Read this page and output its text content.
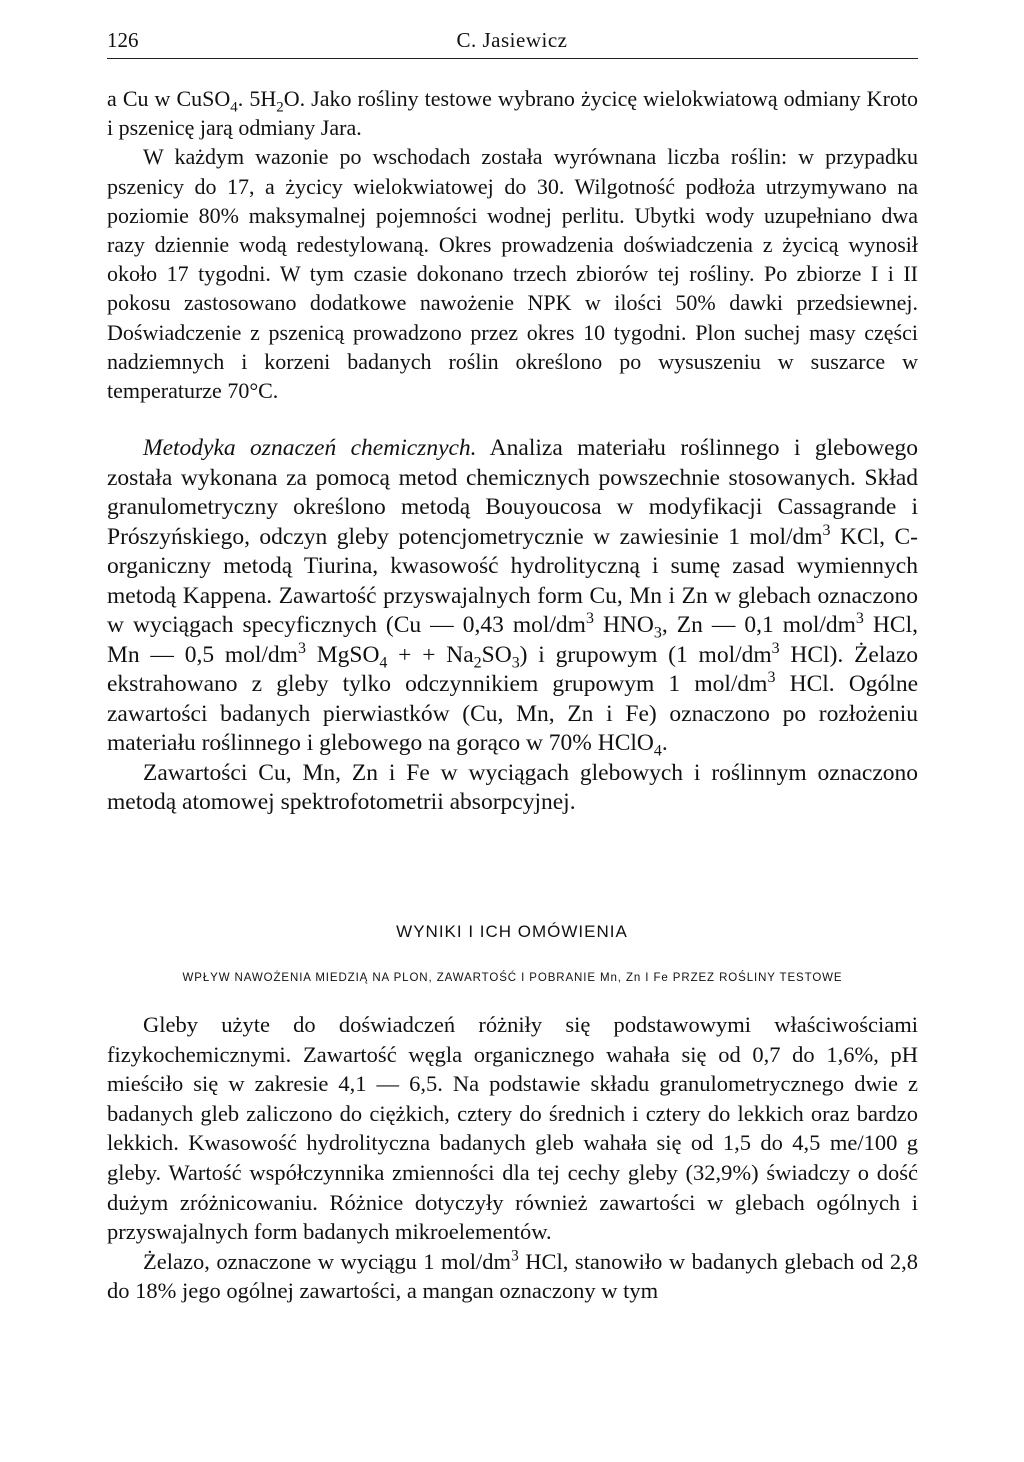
126	C. Jasiewicz

a Cu w CuSO$_4$. $5H_2O$. Jako rośliny testowe wybrano życicę wielokwiatową odmiany Kroto i pszenicę jarą odmiany Jara.

W każdym wazonie po wschodach została wyrównana liczba roślin: w przypadku pszenicy do 17, a życicy wielokwiatowej do 30. Wilgotność podłoża utrzymywano na poziomie 80% maksymalnej pojemności wodnej perlitu. Ubytki wody uzupełniano dwa razy dziennie wodą redestylowaną. Okres prowadzenia doświadczenia z życicą wynosił około 17 tygodni. W tym czasie dokonano trzech zbiorów tej rośliny. Po zbiorze I i II pokosu zastosowano dodatkowe nawożenie NPK w ilości 50% dawki przedsiewnej. Doświadczenie z pszenicą prowadzono przez okres 10 tygodni. Plon suchej masy części nadziemnych i korzeni badanych roślin określono po wysuszeniu w suszarce w temperaturze 70°C.

Metodyka oznaczeń chemicznych. Analiza materiału roślinnego i glebowego została wykonana za pomocą metod chemicznych powszechnie stosowanych. Skład granulometryczny określono metodą Bouyoucosa w modyfikacji Cassagrande i Prószyńskiego, odczyn gleby potencjometrycznie w zawiesinie 1 mol/$dm^3$ KCl, C-organiczny metodą Tiurina, kwasowość hydrolityczną i sumę zasad wymiennych metodą Kappena. Zawartość przyswajalnych form Cu, Mn i Zn w glebach oznaczono w wyciągach specyficznych (Cu — 0,43 mol/$dm^3$ $HNO_3$, Zn — 0,1 mol/$dm^3$ HCl, Mn — 0,5 mol/$dm^3$ MgSO$_4$ + + $Na_2SO_3$) i grupowym (1 mol/$dm^3$ HCl). Żelazo ekstrahowano z gleby tylko odczynnikiem grupowym 1 mol/$dm^3$ HCl. Ogólne zawartości badanych pierwiastków (Cu, Mn, Zn i Fe) oznaczono po rozłożeniu materiału roślinnego i glebowego na gorąco w 70% HClO$_4$.

Zawartości Cu, Mn, Zn i Fe w wyciągach glebowych i roślinnym oznaczono metodą atomowej spektrofotometrii absorpcyjnej.

WYNIKI I ICH OMÓWIENIA
WPŁYW NAWOŻENIA MIEDZIĄ NA PLON, ZAWARTOŚĆ I POBRANIE Mn, Zn I Fe PRZEZ ROŚLINY TESTOWE

Gleby użyte do doświadczeń różniły się podstawowymi właściwościami fizykochemicznymi. Zawartość węgla organicznego wahała się od 0,7 do 1,6%, pH mieściło się w zakresie 4,1 — 6,5. Na podstawie składu granulometrycznego dwie z badanych gleb zaliczono do ciężkich, cztery do średnich i cztery do lekkich oraz bardzo lekkich. Kwasowość hydrolityczna badanych gleb wahała się od 1,5 do 4,5 me/100 g gleby. Wartość współczynnika zmienności dla tej cechy gleby (32,9%) świadczy o dość dużym zróżnicowaniu. Różnice dotyczyły również zawartości w glebach ogólnych i przyswajalnych form badanych mikroelementów.

Żelazo, oznaczone w wyciągu 1 mol/$dm^3$ HCl, stanowiło w badanych glebach od 2,8 do 18% jego ogólnej zawartości, a mangan oznaczony w tym
